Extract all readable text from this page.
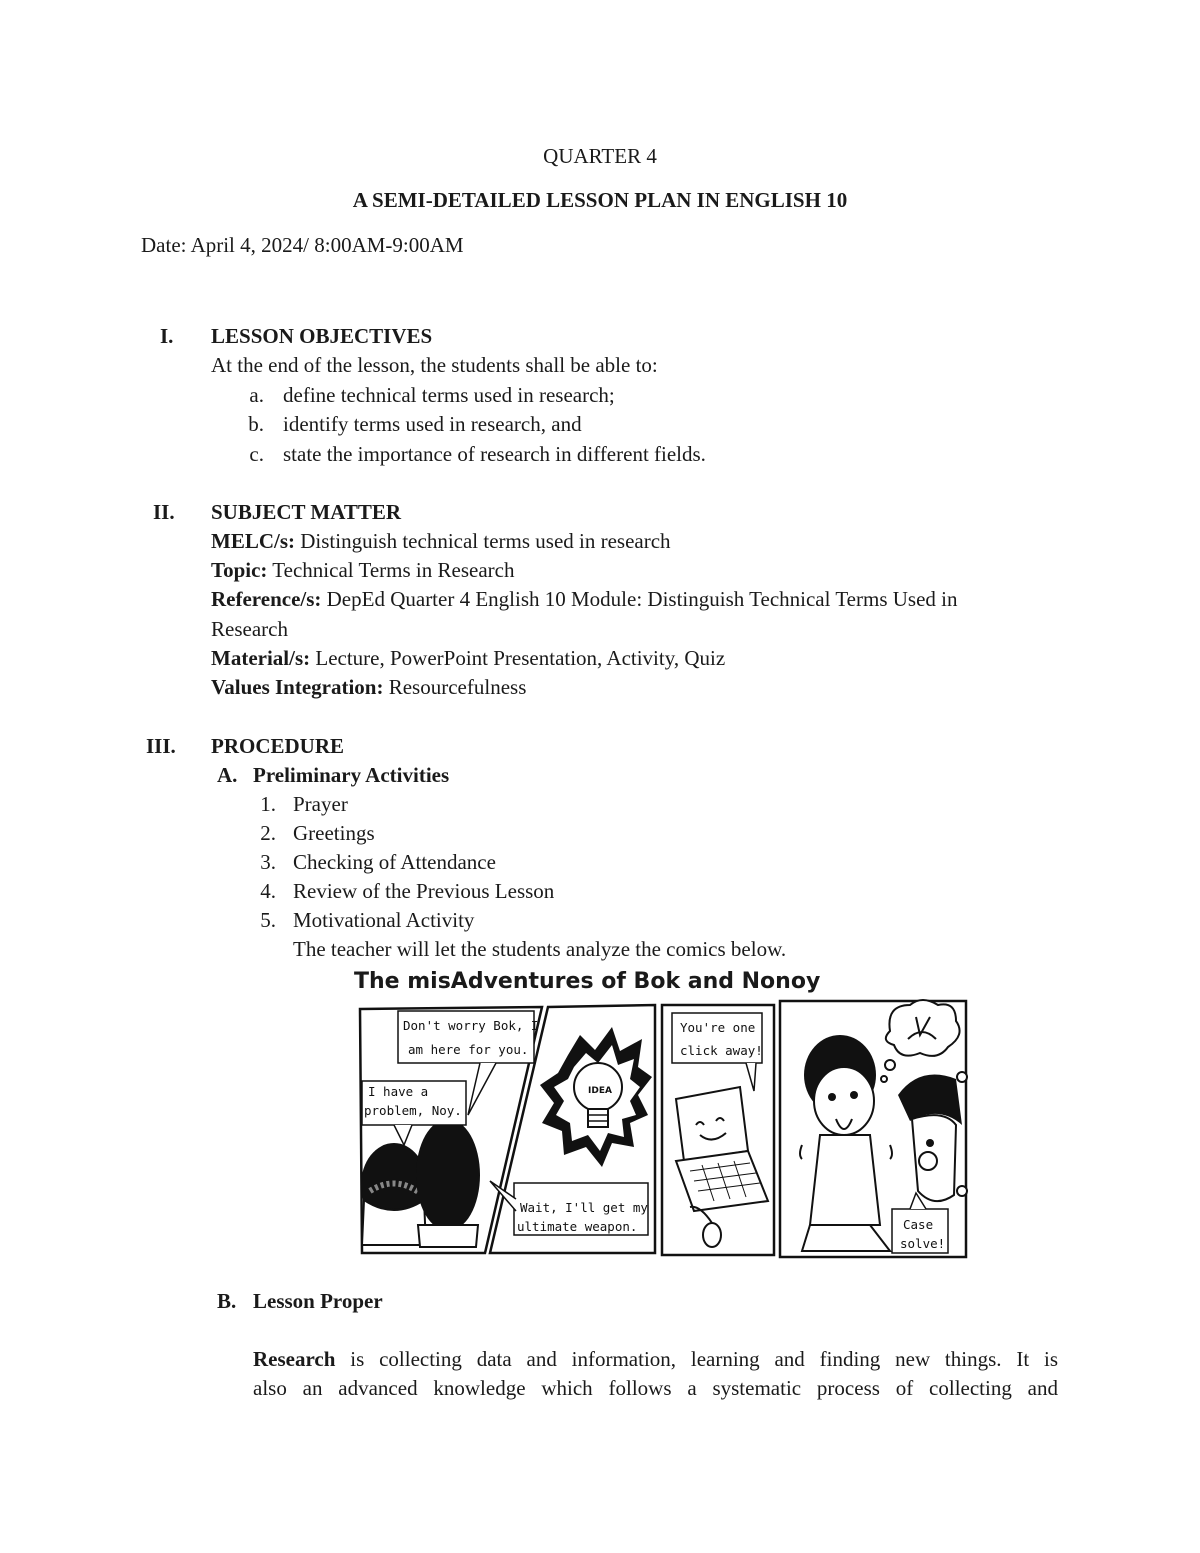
QUARTER 4
A SEMI-DETAILED LESSON PLAN IN ENGLISH 10
Date: April 4, 2024/ 8:00AM-9:00AM
I. LESSON OBJECTIVES
At the end of the lesson, the students shall be able to:
a. define technical terms used in research;
b. identify terms used in research, and
c. state the importance of research in different fields.
II. SUBJECT MATTER
MELC/s: Distinguish technical terms used in research
Topic: Technical Terms in Research
Reference/s: DepEd Quarter 4 English 10 Module: Distinguish Technical Terms Used in
Research
Material/s: Lecture, PowerPoint Presentation, Activity, Quiz
Values Integration: Resourcefulness
III. PROCEDURE
A. Preliminary Activities
1. Prayer
2. Greetings
3. Checking of Attendance
4. Review of the Previous Lesson
5. Motivational Activity
The teacher will let the students analyze the comics below.
The misAdventures of Bok and Nonoy
IDEA
Don't worry Bok, I
am here for you.
I have a
problem, Noy.
Wait, I'll get my
ultimate weapon.
You're one
click away!
Case
solve!
B. Lesson Proper
Research is collecting data and information, learning and finding new things. It is
also an advanced knowledge which follows a systematic process of collecting and
